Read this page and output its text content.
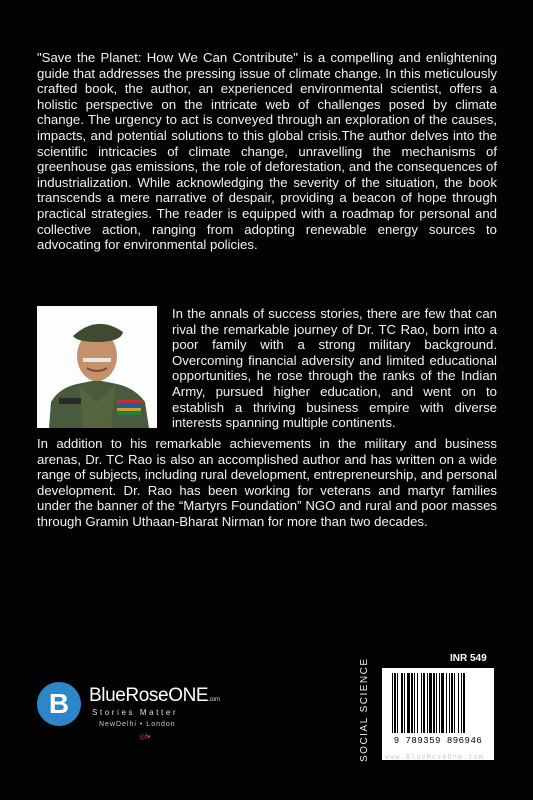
"Save the Planet: How We Can Contribute" is a compelling and enlightening guide that addresses the pressing issue of climate change. In this meticulously crafted book, the author, an experienced environmental scientist, offers a holistic perspective on the intricate web of challenges posed by climate change. The urgency to act is conveyed through an exploration of the causes, impacts, and potential solutions to this global crisis.The author delves into the scientific intricacies of climate change, unravelling the mechanisms of greenhouse gas emissions, the role of deforestation, and the consequences of industrialization. While acknowledging the severity of the situation, the book transcends a mere narrative of despair, providing a beacon of hope through practical strategies. The reader is equipped with a roadmap for personal and collective action, ranging from adopting renewable energy sources to advocating for environmental policies.

In the annals of success stories, there are few that can rival the remarkable journey of Dr. TC Rao, born into a poor family with a strong military background. Overcoming financial adversity and limited educational opportunities, he rose through the ranks of the Indian Army, pursued higher education, and went on to establish a thriving business empire with diverse interests spanning multiple continents.

In addition to his remarkable achievements in the military and business arenas, Dr. TC Rao is also an accomplished author and has written on a wide range of subjects, including rural development, entrepreneurship, and personal development. Dr. Rao has been working for veterans and martyr families under the banner of the “Martyrs Foundation” NGO and rural and poor masses through Gramin Uthaan-Bharat Nirman for more than two decades.

B	BlueRoseONE.com
Stories Matter
NewDelhi • London
◎f▾	SOCIAL SCIENCE	INR 549
9 789359 896946
www.BlueRoseOne.com
